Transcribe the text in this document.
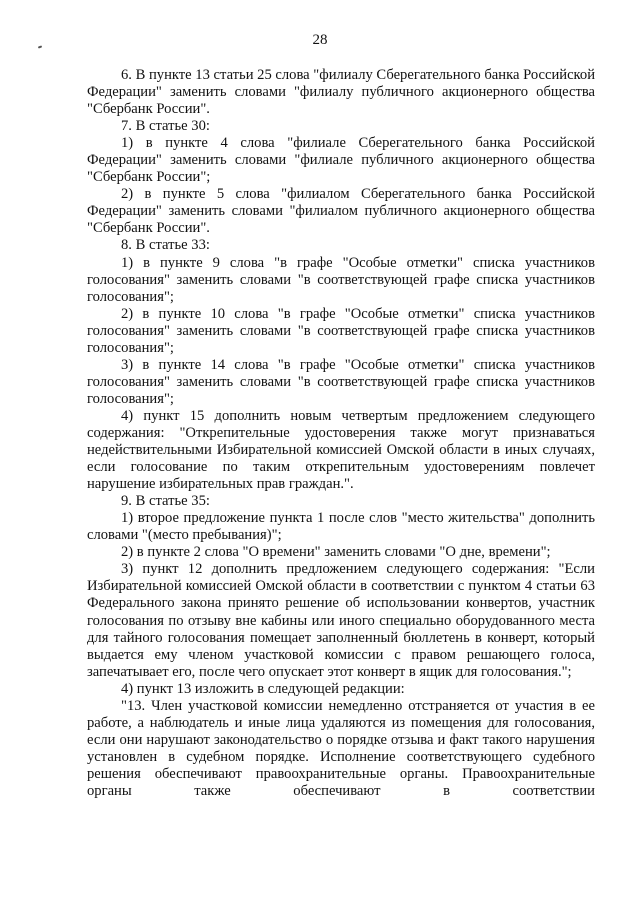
28

6. В пункте 13 статьи 25 слова "филиалу Сберегательного банка Российской Федерации" заменить словами "филиалу публичного акционерного общества "Сбербанк России".

7. В статье 30:

1) в пункте 4 слова "филиале Сберегательного банка Российской Федерации" заменить словами "филиале публичного акционерного общества "Сбербанк России";

2) в пункте 5 слова "филиалом Сберегательного банка Российской Федерации" заменить словами "филиалом публичного акционерного общества "Сбербанк России".

8. В статье 33:

1) в пункте 9 слова "в графе "Особые отметки" списка участников голосования" заменить словами "в соответствующей графе списка участников голосования";

2) в пункте 10 слова "в графе "Особые отметки" списка участников голосования" заменить словами "в соответствующей графе списка участников голосования";

3) в пункте 14 слова "в графе "Особые отметки" списка участников голосования" заменить словами "в соответствующей графе списка участников голосования";

4) пункт 15 дополнить новым четвертым предложением следующего содержания: "Открепительные удостоверения также могут признаваться недействительными Избирательной комиссией Омской области в иных случаях, если голосование по таким открепительным удостоверениям повлечет нарушение избирательных прав граждан.".

9. В статье 35:

1) второе предложение пункта 1 после слов "место жительства" дополнить словами "(место пребывания)";

2) в пункте 2 слова "О времени" заменить словами "О дне, времени";

3) пункт 12 дополнить предложением следующего содержания: "Если Избирательной комиссией Омской области в соответствии с пунктом 4 статьи 63 Федерального закона принято решение об использовании конвертов, участник голосования по отзыву вне кабины или иного специально оборудованного места для тайного голосования помещает заполненный бюллетень в конверт, который выдается ему членом участковой комиссии с правом решающего голоса, запечатывает его, после чего опускает этот конверт в ящик для голосования.";

4) пункт 13 изложить в следующей редакции:

"13. Член участковой комиссии немедленно отстраняется от участия в ее работе, а наблюдатель и иные лица удаляются из помещения для голосования, если они нарушают законодательство о порядке отзыва и факт такого нарушения установлен в судебном порядке. Исполнение соответствующего судебного решения обеспечивают правоохранительные органы. Правоохранительные органы также обеспечивают в соответствии
